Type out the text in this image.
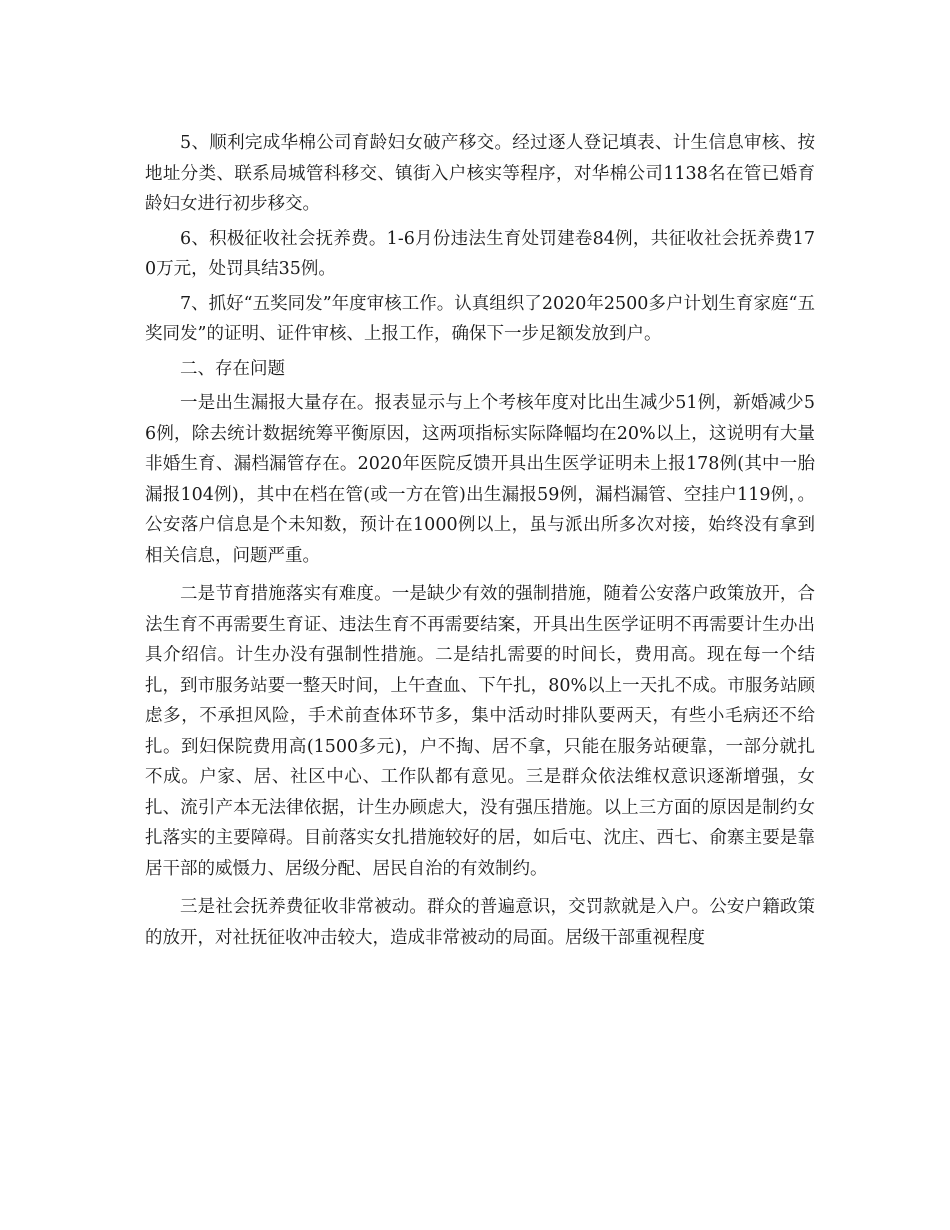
5、顺利完成华棉公司育龄妇女破产移交。经过逐人登记填表、计生信息审核、按地址分类、联系局城管科移交、镇街入户核实等程序，对华棉公司1138名在管已婚育龄妇女进行初步移交。

6、积极征收社会抚养费。1-6月份违法生育处罚建卷84例，共征收社会抚养费170万元，处罚具结35例。

7、抓好“五奖同发”年度审核工作。认真组织了2020年2500多户计划生育家庭“五奖同发”的证明、证件审核、上报工作，确保下一步足额发放到户。

二、存在问题

一是出生漏报大量存在。报表显示与上个考核年度对比出生减少51例，新婚减少56例，除去统计数据统筹平衡原因，这两项指标实际降幅均在20%以上，这说明有大量非婚生育、漏档漏管存在。2020年医院反馈开具出生医学证明未上报178例(其中一胎漏报104例)，其中在档在管(或一方在管)出生漏报59例，漏档漏管、空挂户119例，。公安落户信息是个未知数，预计在1000例以上，虽与派出所多次对接，始终没有拿到相关信息，问题严重。

二是节育措施落实有难度。一是缺少有效的强制措施，随着公安落户政策放开，合法生育不再需要生育证、违法生育不再需要结案，开具出生医学证明不再需要计生办出具介绍信。计生办没有强制性措施。二是结扎需要的时间长，费用高。现在每一个结扎，到市服务站要一整天时间，上午查血、下午扎，80%以上一天扎不成。市服务站顾虑多，不承担风险，手术前查体环节多，集中活动时排队要两天，有些小毛病还不给扎。到妇保院费用高(1500多元)，户不掏、居不拿，只能在服务站硬靠，一部分就扎不成。户家、居、社区中心、工作队都有意见。三是群众依法维权意识逐渐增强，女扎、流引产本无法律依据，计生办顾虑大，没有强压措施。以上三方面的原因是制约女扎落实的主要障碍。目前落实女扎措施较好的居，如后屯、沈庄、西七、俞寨主要是靠居干部的威慑力、居级分配、居民自治的有效制约。

三是社会抚养费征收非常被动。群众的普遍意识，交罚款就是入户。公安户籍政策的放开，对社抚征收冲击较大，造成非常被动的局面。居级干部重视程度
